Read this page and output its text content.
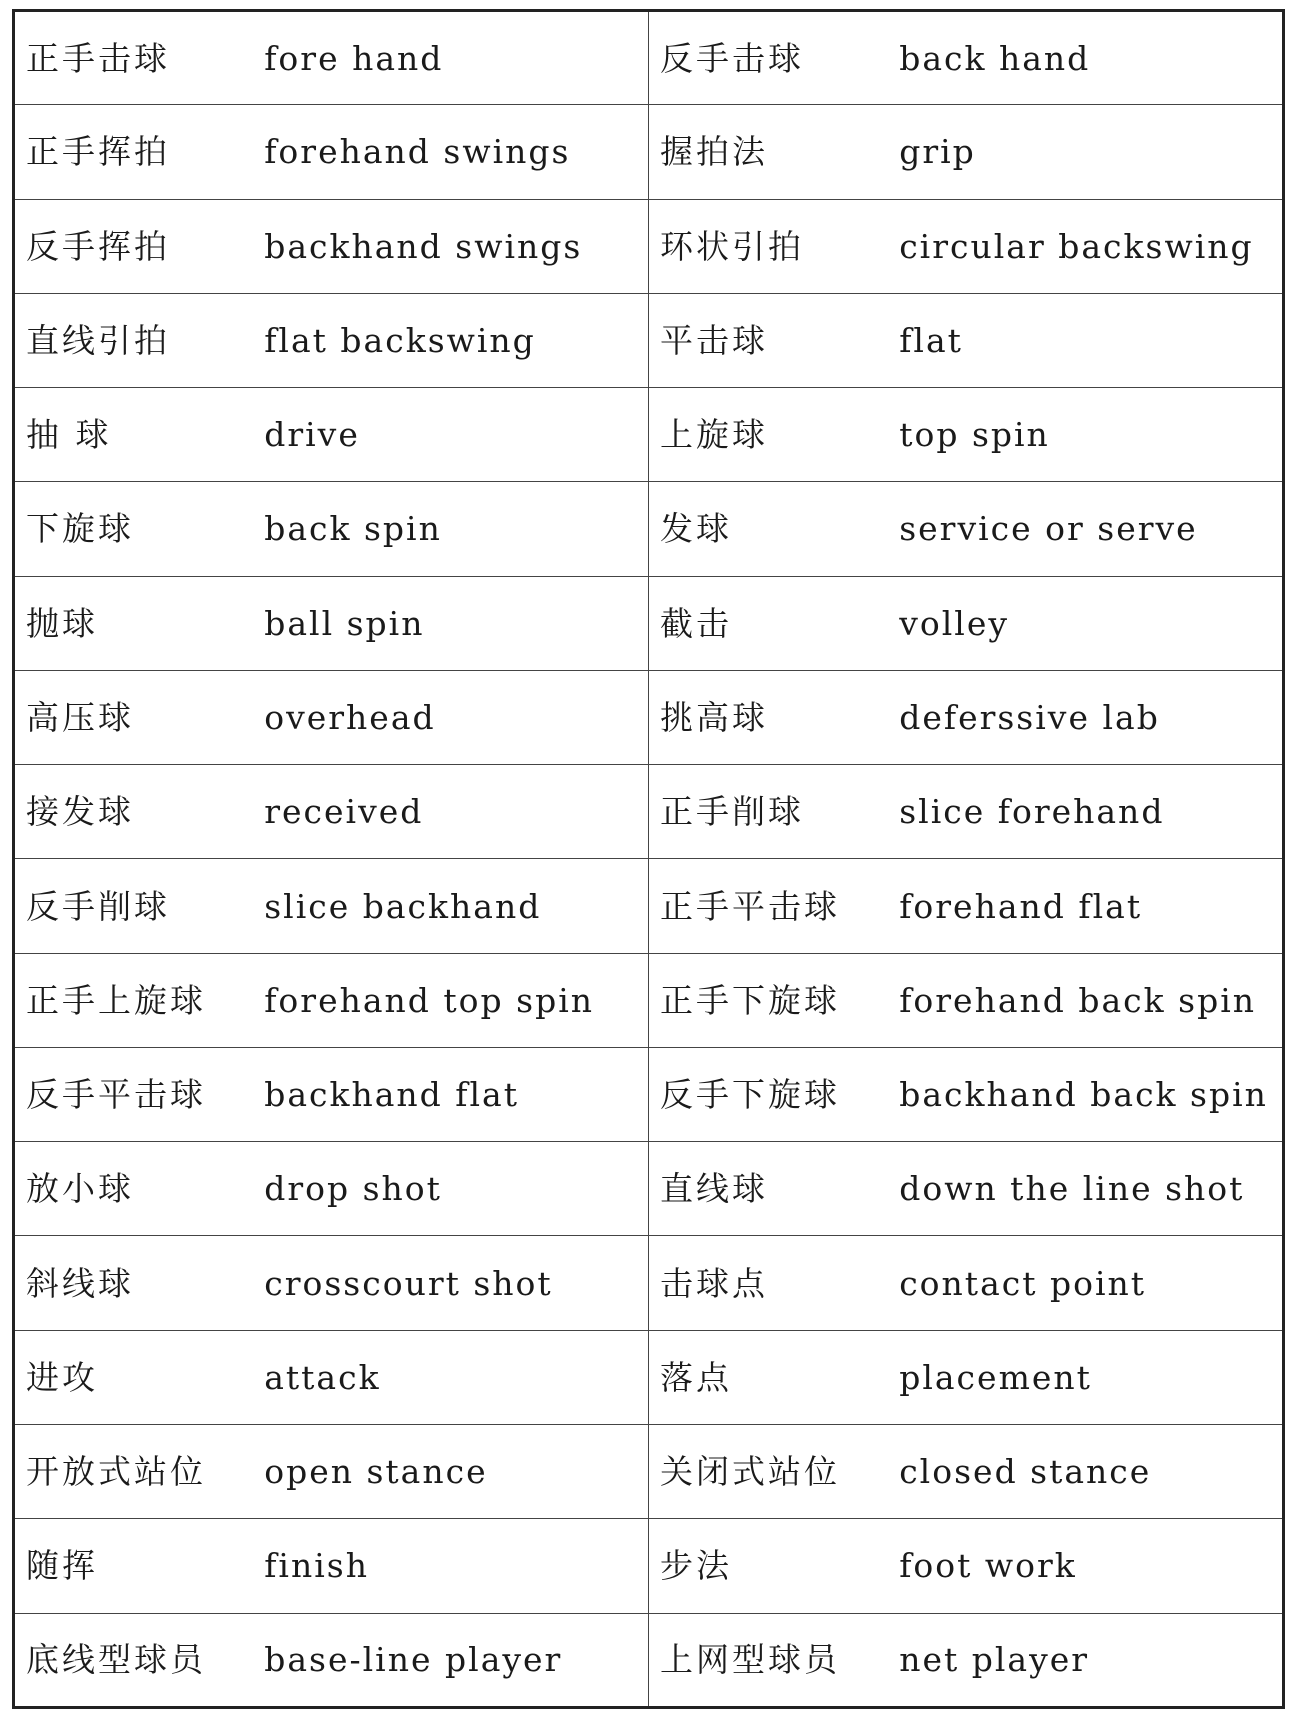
正手击球	fore hand	反手击球	back hand
正手挥拍	forehand swings	握拍法	grip
反手挥拍	backhand swings	环状引拍	circular backswing
直线引拍	flat backswing	平击球	flat
抽 球	drive	上旋球	top spin
下旋球	back spin	发球	service or serve
抛球	ball spin	截击	volley
高压球	overhead	挑高球	deferssive lab
接发球	received	正手削球	slice forehand
反手削球	slice backhand	正手平击球	forehand flat
正手上旋球	forehand top spin	正手下旋球	forehand back spin
反手平击球	backhand flat	反手下旋球	backhand back spin
放小球	drop shot	直线球	down the line shot
斜线球	crosscourt shot	击球点	contact point
进攻	attack	落点	placement
开放式站位	open stance	关闭式站位	closed stance
随挥	finish	步法	foot work
底线型球员	base-line player	上网型球员	net player
